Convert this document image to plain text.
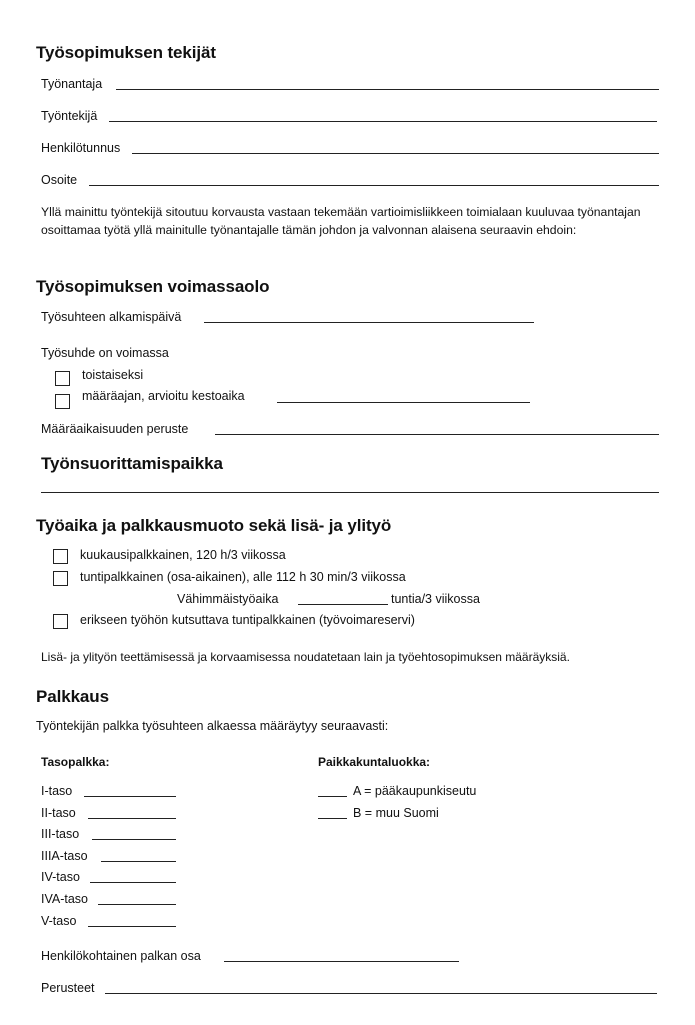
Työsopimuksen tekijät
Työnantaja
Työntekijä
Henkilötunnus
Osoite
Yllä mainittu työntekijä sitoutuu korvausta vastaan tekemään vartioimisliikkeen toimialaan kuuluvaa työnantajan osoittamaa työtä yllä mainitulle työnantajalle tämän johdon ja valvonnan alaisena seuraavin ehdoin:
Työsopimuksen voimassaolo
Työsuhteen alkamispäivä
Työsuhde on voimassa
toistaiseksi
määräajan, arvioitu kestoaika
Määräaikaisuuden peruste
Työnsuorittamispaikka
Työaika ja palkkausmuoto sekä lisä- ja ylityö
kuukausipalkkainen, 120 h/3 viikossa
tuntipalkkainen (osa-aikainen), alle 112 h 30 min/3 viikossa
Vähimmäistyöaika	tuntia/3 viikossa
erikseen työhön kutsuttava tuntipalkkainen (työvoimareservi)
Lisä- ja ylityön teettämisessä ja korvaamisessa noudatetaan lain ja työehtosopimuksen määräyksiä.
Palkkaus
Työntekijän palkka työsuhteen alkaessa määräytyy seuraavasti:
Tasopalkka:	Paikkakuntaluokka:
I-taso
II-taso
III-taso
IIIA-taso
IV-taso
IVA-taso
V-taso
A = pääkaupunkiseutu
B = muu Suomi
Henkilökohtainen palkan osa
Perusteet
